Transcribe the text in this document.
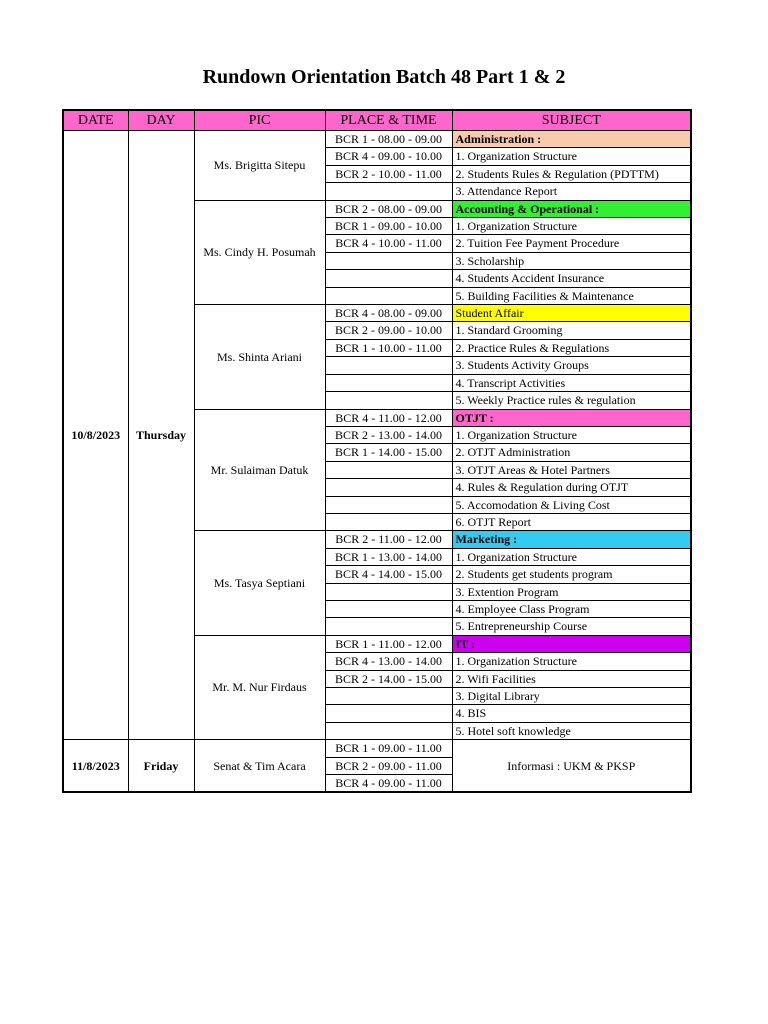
Rundown Orientation Batch 48 Part 1 & 2
DATE	DAY	PIC	PLACE & TIME	SUBJECT
10/8/2023	Thursday	Ms. Brigitta Sitepu	BCR 1 - 08.00 - 09.00	Administration :
			BCR 4 - 09.00 - 10.00	1. Organization Structure
			BCR 2 - 10.00 - 11.00	2. Students Rules & Regulation (PDTTM)
				3. Attendance Report
		Ms. Cindy H. Posumah	BCR 2 - 08.00 - 09.00	Accounting & Operational :
			BCR 1 - 09.00 - 10.00	1. Organization Structure
			BCR 4 - 10.00 - 11.00	2. Tuition Fee Payment Procedure
				3. Scholarship
				4. Students Accident Insurance
				5. Building Facilities & Maintenance
		Ms. Shinta Ariani	BCR 4 - 08.00 - 09.00	Student Affair
			BCR 2 - 09.00 - 10.00	1. Standard Grooming
			BCR 1 - 10.00 - 11.00	2. Practice Rules & Regulations
				3. Students Activity Groups
				4. Transcript Activities
				5. Weekly Practice rules & regulation
		Mr. Sulaiman Datuk	BCR 4 - 11.00 - 12.00	OTJT :
			BCR 2 - 13.00 - 14.00	1. Organization Structure
			BCR 1 - 14.00 - 15.00	2. OTJT Administration
				3. OTJT Areas & Hotel Partners
				4. Rules & Regulation during OTJT
				5. Accomodation & Living Cost
				6. OTJT Report
		Ms. Tasya Septiani	BCR 2 - 11.00 - 12.00	Marketing :
			BCR 1 - 13.00 - 14.00	1. Organization Structure
			BCR 4 - 14.00 - 15.00	2. Students get students program
				3. Extention Program
				4. Employee Class Program
				5. Entrepreneurship Course
		Mr. M. Nur Firdaus	BCR 1 - 11.00 - 12.00	IT :
			BCR 4 - 13.00 - 14.00	1. Organization Structure
			BCR 2 - 14.00 - 15.00	2. Wifi Facilities
				3. Digital Library
				4. BIS
				5. Hotel soft knowledge
11/8/2023	Friday	Senat & Tim Acara	BCR 1 - 09.00 - 11.00	Informasi : UKM & PKSP
			BCR 2 - 09.00 - 11.00	
			BCR 4 - 09.00 - 11.00	
